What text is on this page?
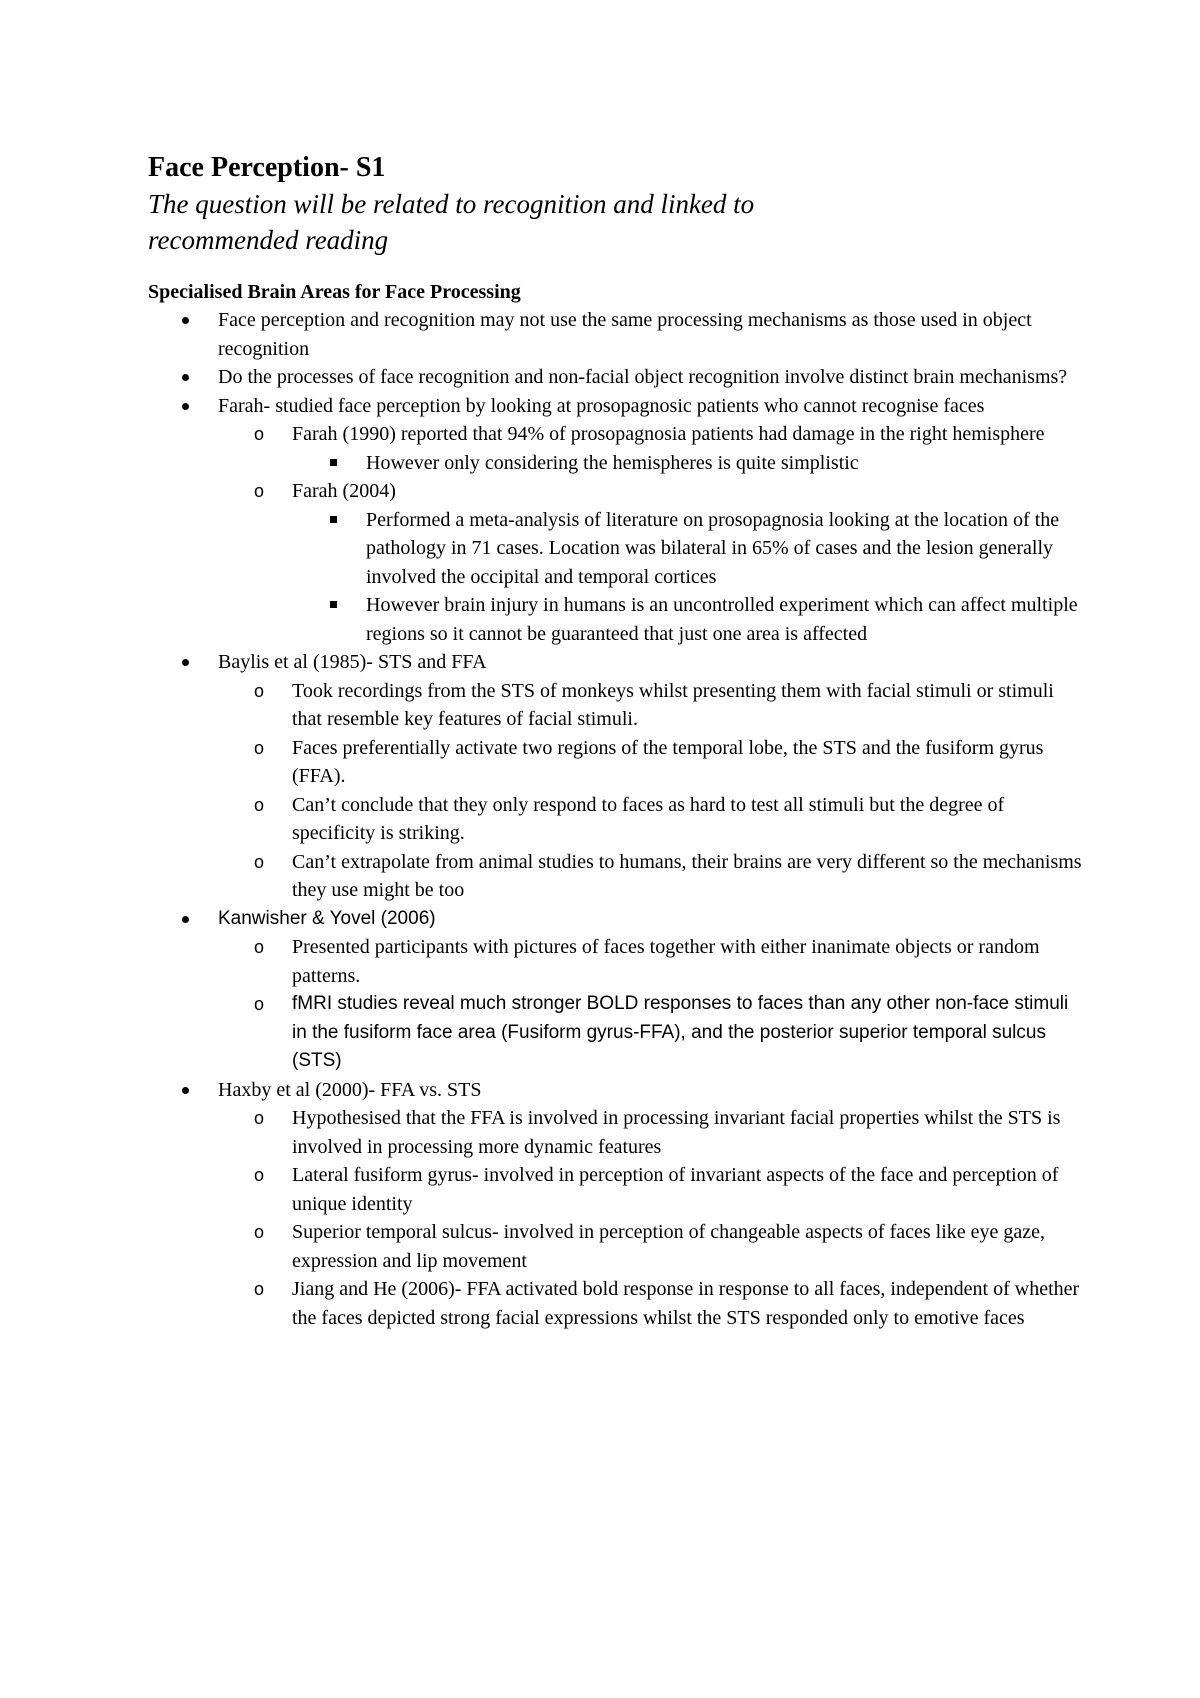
Face Perception- S1

The question will be related to recognition and linked to recommended reading

Specialised Brain Areas for Face Processing
Face perception and recognition may not use the same processing mechanisms as those used in object recognition
Do the processes of face recognition and non-facial object recognition involve distinct brain mechanisms?
Farah- studied face perception by looking at prosopagnosic patients who cannot recognise faces
o Farah (1990) reported that 94% of prosopagnosia patients had damage in the right hemisphere
However only considering the hemispheres is quite simplistic
o Farah (2004)
Performed a meta-analysis of literature on prosopagnosia looking at the location of the pathology in 71 cases. Location was bilateral in 65% of cases and the lesion generally involved the occipital and temporal cortices
However brain injury in humans is an uncontrolled experiment which can affect multiple regions so it cannot be guaranteed that just one area is affected
Baylis et al (1985)- STS and FFA
o Took recordings from the STS of monkeys whilst presenting them with facial stimuli or stimuli that resemble key features of facial stimuli.
o Faces preferentially activate two regions of the temporal lobe, the STS and the fusiform gyrus (FFA).
o Can’t conclude that they only respond to faces as hard to test all stimuli but the degree of specificity is striking.
o Can’t extrapolate from animal studies to humans, their brains are very different so the mechanisms they use might be too
Kanwisher & Yovel (2006)
o Presented participants with pictures of faces together with either inanimate objects or random patterns.
o fMRI studies reveal much stronger BOLD responses to faces than any other non-face stimuli in the fusiform face area (Fusiform gyrus-FFA), and the posterior superior temporal sulcus (STS)
Haxby et al (2000)- FFA vs. STS
o Hypothesised that the FFA is involved in processing invariant facial properties whilst the STS is involved in processing more dynamic features
o Lateral fusiform gyrus- involved in perception of invariant aspects of the face and perception of unique identity
o Superior temporal sulcus- involved in perception of changeable aspects of faces like eye gaze, expression and lip movement
o Jiang and He (2006)- FFA activated bold response in response to all faces, independent of whether the faces depicted strong facial expressions whilst the STS responded only to emotive faces
